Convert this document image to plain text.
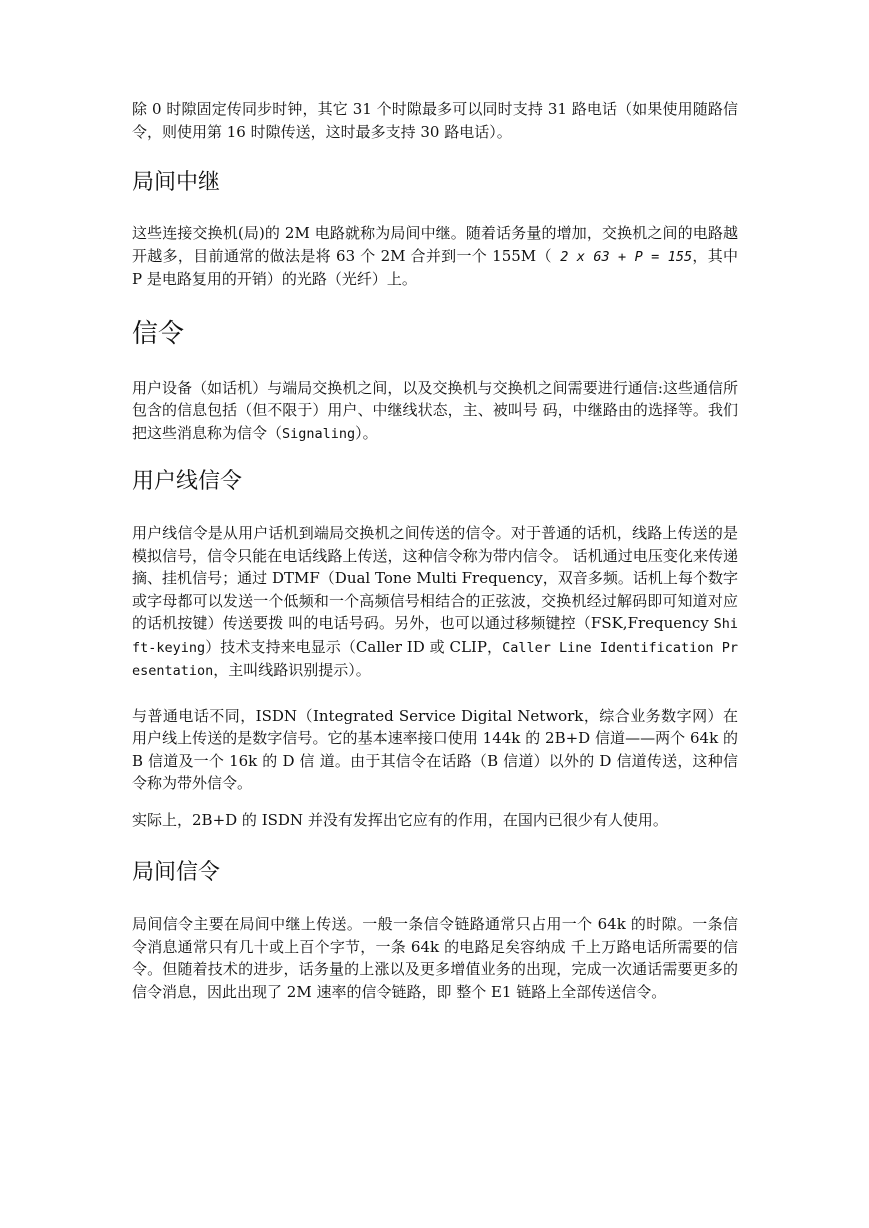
除 0 时隙固定传同步时钟，其它 31 个时隙最多可以同时支持 31 路电话（如果使用随路信令，则使用第 16 时隙传送，这时最多支持 30 路电话）。

局间中继

这些连接交换机(局)的 2M 电路就称为局间中继。随着话务量的增加，交换机之间的电路越开越多，目前通常的做法是将 63 个 2M 合并到一个 155M（ 2 x 63 + P = 155，其中 P 是电路复用的开销）的光路（光纤）上。

信令

用户设备（如话机）与端局交换机之间，以及交换机与交换机之间需要进行通信:这些通信所包含的信息包括（但不限于）用户、中继线状态，主、被叫号 码，中继路由的选择等。我们把这些消息称为信令（Signaling）。

用户线信令

用户线信令是从用户话机到端局交换机之间传送的信令。对于普通的话机，线路上传送的是模拟信号，信令只能在电话线路上传送，这种信令称为带内信令。 话机通过电压变化来传递摘、挂机信号；通过 DTMF（Dual Tone Multi Frequency，双音多频。话机上每个数字或字母都可以发送一个低频和一个高频信号相结合的正弦波，交换机经过解码即可知道对应的话机按键）传送要拨 叫的电话号码。另外，也可以通过移频键控（FSK,Frequency Shift-keying）技术支持来电显示（Caller ID 或 CLIP，Caller Line Identification Presentation，主叫线路识别提示）。

与普通电话不同，ISDN（Integrated Service Digital Network，综合业务数字网）在用户线上传送的是数字信号。它的基本速率接口使用 144k 的 2B+D 信道——两个 64k 的 B 信道及一个 16k 的 D 信 道。由于其信令在话路（B 信道）以外的 D 信道传送，这种信令称为带外信令。

实际上，2B+D 的 ISDN 并没有发挥出它应有的作用，在国内已很少有人使用。

局间信令

局间信令主要在局间中继上传送。一般一条信令链路通常只占用一个 64k 的时隙。一条信令消息通常只有几十或上百个字节，一条 64k 的电路足矣容纳成 千上万路电话所需要的信令。但随着技术的进步，话务量的上涨以及更多增值业务的出现，完成一次通话需要更多的信令消息，因此出现了 2M 速率的信令链路，即 整个 E1 链路上全部传送信令。
